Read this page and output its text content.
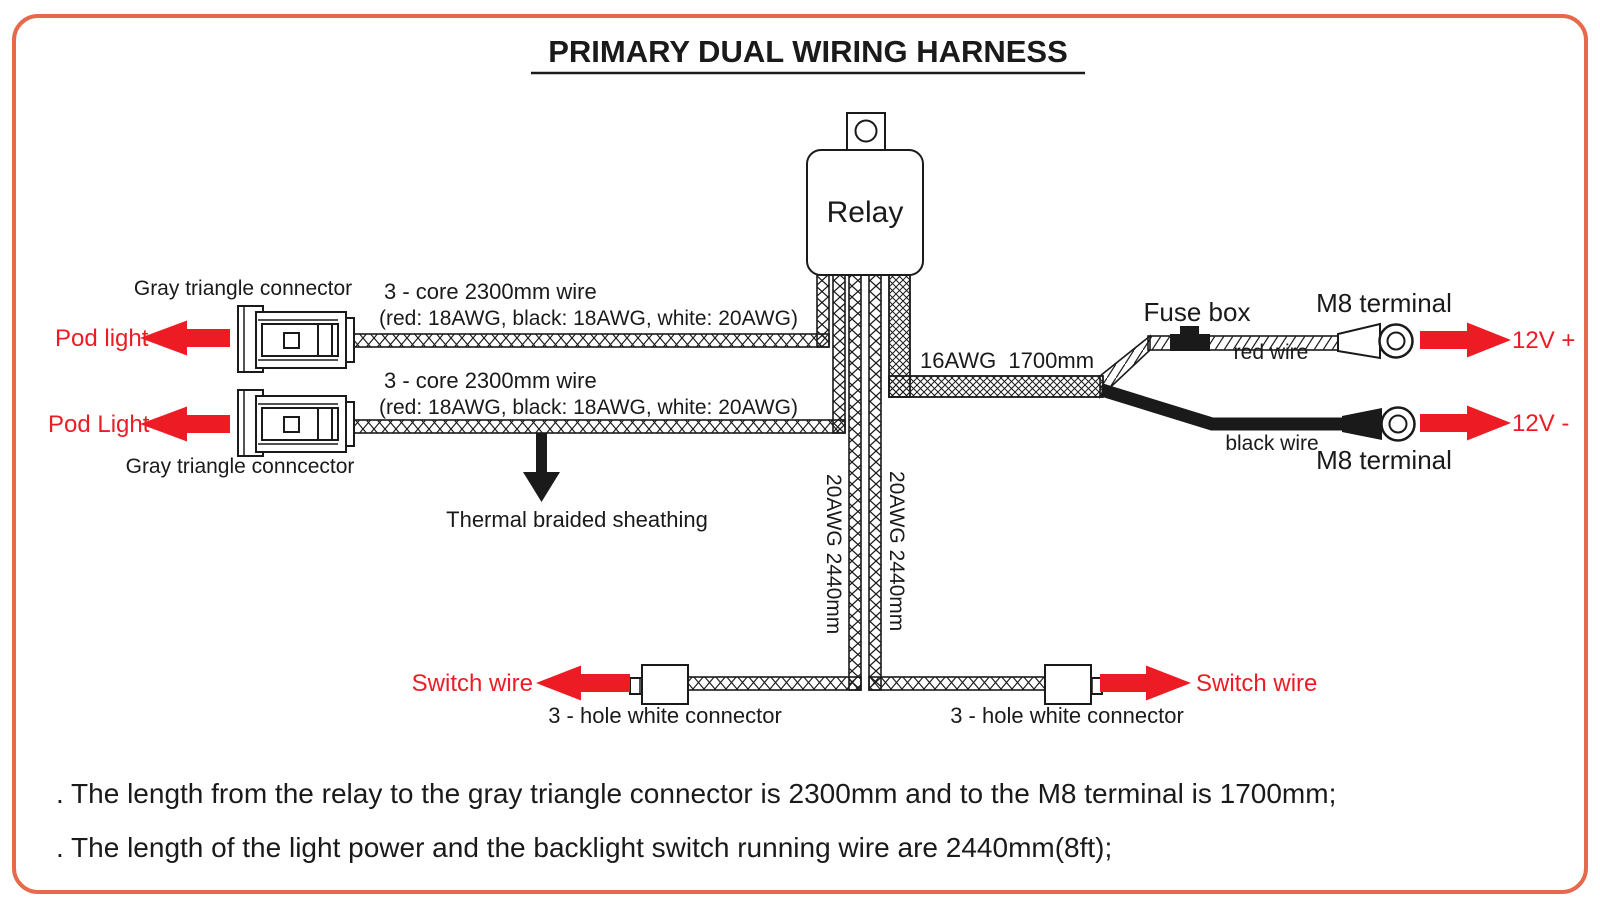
PRIMARY DUAL WIRING HARNESS
Relay
Gray triangle connector
Gray triangle conncector
Pod light
Pod Light
3 - core 2300mm wire
(red: 18AWG, black: 18AWG, white: 20AWG)
3 - core 2300mm wire
(red: 18AWG, black: 18AWG, white: 20AWG)
Thermal braided sheathing
16AWG  1700mm
Fuse box	M8 terminal
red wire
black wire
M8 terminal
12V +
12V -
20AWG 2440mm 20AWG 2440mm
Switch wire	Switch wire
3 - hole white connector	3 - hole white connector
. The length from the relay to the gray triangle connector is 2300mm and to the M8 terminal is 1700mm;
. The length of the light power and the backlight switch running wire are 2440mm(8ft);
